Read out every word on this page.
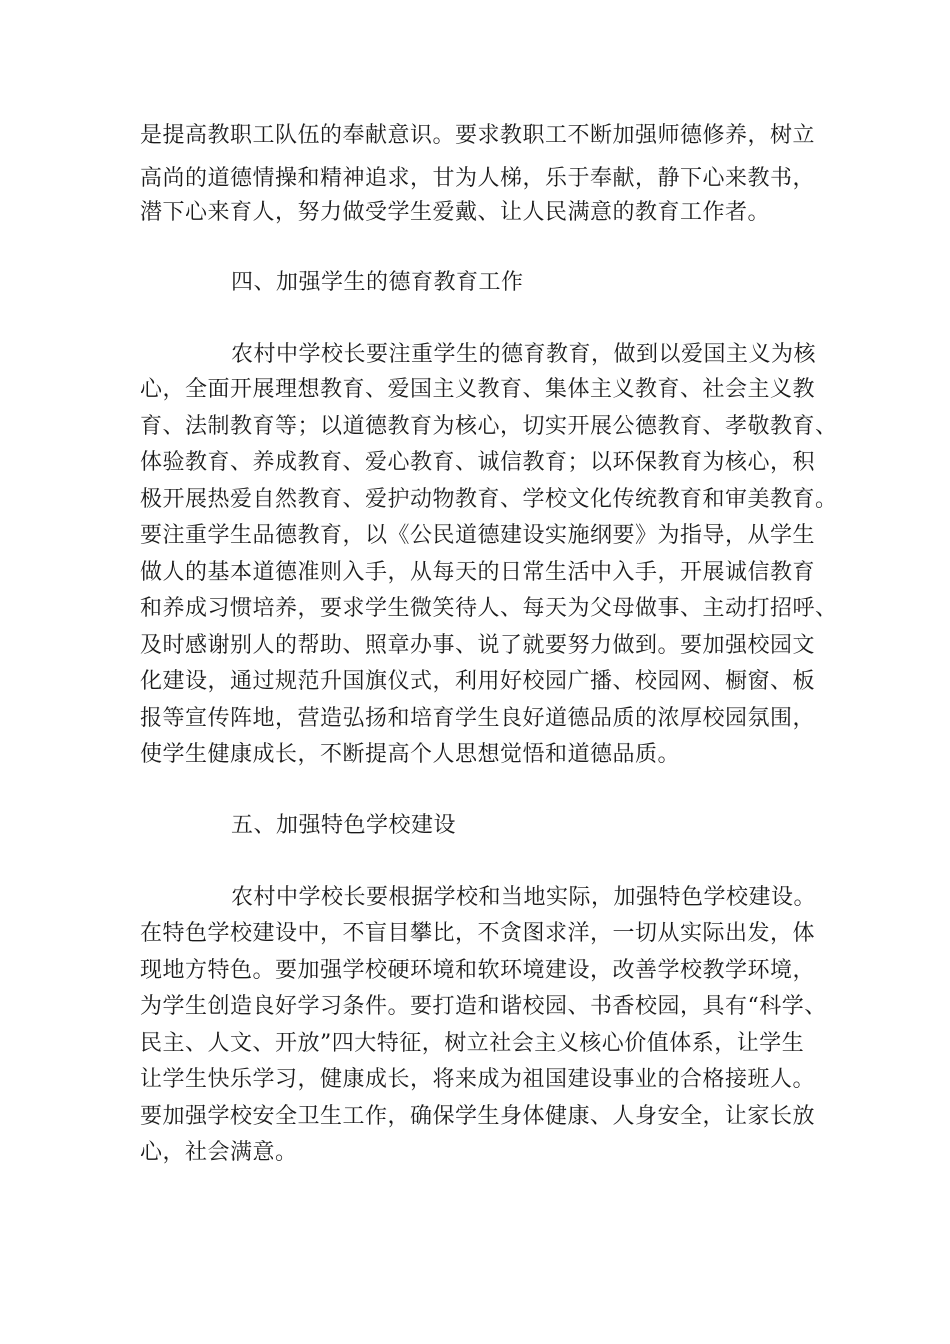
是提高教职工队伍的奉献意识。要求教职工不断加强师德修养，树立
高尚的道德情操和精神追求，甘为人梯，乐于奉献，静下心来教书，
潜下心来育人，努力做受学生爱戴、让人民满意的教育工作者。
四、加强学生的德育教育工作
农村中学校长要注重学生的德育教育，做到以爱国主义为核
心，全面开展理想教育、爱国主义教育、集体主义教育、社会主义教
育、法制教育等；以道德教育为核心，切实开展公德教育、孝敬教育、
体验教育、养成教育、爱心教育、诚信教育；以环保教育为核心，积
极开展热爱自然教育、爱护动物教育、学校文化传统教育和审美教育。
要注重学生品德教育，以《公民道德建设实施纲要》为指导，从学生
做人的基本道德准则入手，从每天的日常生活中入手，开展诚信教育
和养成习惯培养，要求学生微笑待人、每天为父母做事、主动打招呼、
及时感谢别人的帮助、照章办事、说了就要努力做到。要加强校园文
化建设，通过规范升国旗仪式，利用好校园广播、校园网、橱窗、板
报等宣传阵地，营造弘扬和培育学生良好道德品质的浓厚校园氛围，
使学生健康成长，不断提高个人思想觉悟和道德品质。
五、加强特色学校建设
农村中学校长要根据学校和当地实际，加强特色学校建设。
在特色学校建设中，不盲目攀比，不贪图求洋，一切从实际出发，体
现地方特色。要加强学校硬环境和软环境建设，改善学校教学环境，
为学生创造良好学习条件。要打造和谐校园、书香校园，具有“科学、
民主、人文、开放”四大特征，树立社会主义核心价值体系，让学生
让学生快乐学习，健康成长，将来成为祖国建设事业的合格接班人。
要加强学校安全卫生工作，确保学生身体健康、人身安全，让家长放
心，社会满意。
